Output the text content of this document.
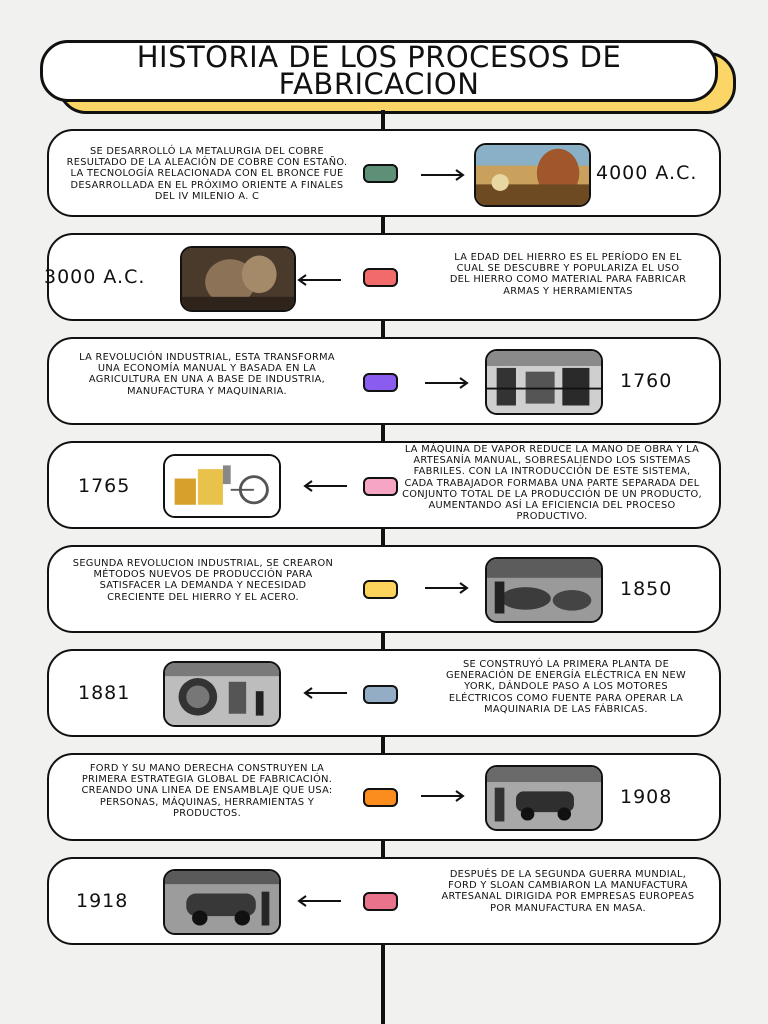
HISTORIA DE LOS PROCESOS DE FABRICACION
SE DESARROLLÓ LA METALURGIA DEL COBRE RESULTADO DE LA ALEACIÓN DE COBRE CON ESTAÑO. LA TECNOLOGÍA RELACIONADA CON EL BRONCE FUE DESARROLLADA EN EL PRÓXIMO ORIENTE A FINALES DEL IV MILENIO A. C
4000 A.C.
3000 A.C.
LA EDAD DEL HIERRO ES EL PERÍODO EN EL CUAL SE DESCUBRE Y POPULARIZA EL USO DEL HIERRO COMO MATERIAL PARA FABRICAR ARMAS Y HERRAMIENTAS
LA REVOLUCIÓN INDUSTRIAL, ESTA TRANSFORMA UNA ECONOMÍA MANUAL Y BASADA EN LA AGRICULTURA EN UNA A BASE DE INDUSTRIA, MANUFACTURA Y MAQUINARIA.	1760
1765
LA MÁQUINA DE VAPOR REDUCE LA MANO DE OBRA Y LA ARTESANÍA MANUAL, SOBRESALIENDO LOS SISTEMAS FABRILES. CON LA INTRODUCCIÓN DE ESTE SISTEMA, CADA TRABAJADOR FORMABA UNA PARTE SEPARADA DEL CONJUNTO TOTAL DE LA PRODUCCIÓN DE UN PRODUCTO, AUMENTANDO ASÍ LA EFICIENCIA DEL PROCESO PRODUCTIVO.
SEGUNDA REVOLUCION INDUSTRIAL, SE CREARON MÉTODOS NUEVOS DE PRODUCCIÓN PARA SATISFACER LA DEMANDA Y NECESIDAD CRECIENTE DEL HIERRO Y EL ACERO.	1850
1881
SE CONSTRUYÓ LA PRIMERA PLANTA DE GENERACIÓN DE ENERGÍA ELÉCTRICA EN NEW YORK, DÁNDOLE PASO A LOS MOTORES ELÉCTRICOS COMO FUENTE PARA OPERAR LA MAQUINARIA DE LAS FÁBRICAS.
FORD Y SU MANO DERECHA CONSTRUYEN LA PRIMERA ESTRATEGIA GLOBAL DE FABRICACIÓN. CREANDO UNA LINEA DE ENSAMBLAJE QUE USA: PERSONAS, MÁQUINAS, HERRAMIENTAS Y PRODUCTOS.
1908
1918
DESPUÉS DE LA SEGUNDA GUERRA MUNDIAL, FORD Y SLOAN CAMBIARON LA MANUFACTURA ARTESANAL DIRIGIDA POR EMPRESAS EUROPEAS POR MANUFACTURA EN MASA.
